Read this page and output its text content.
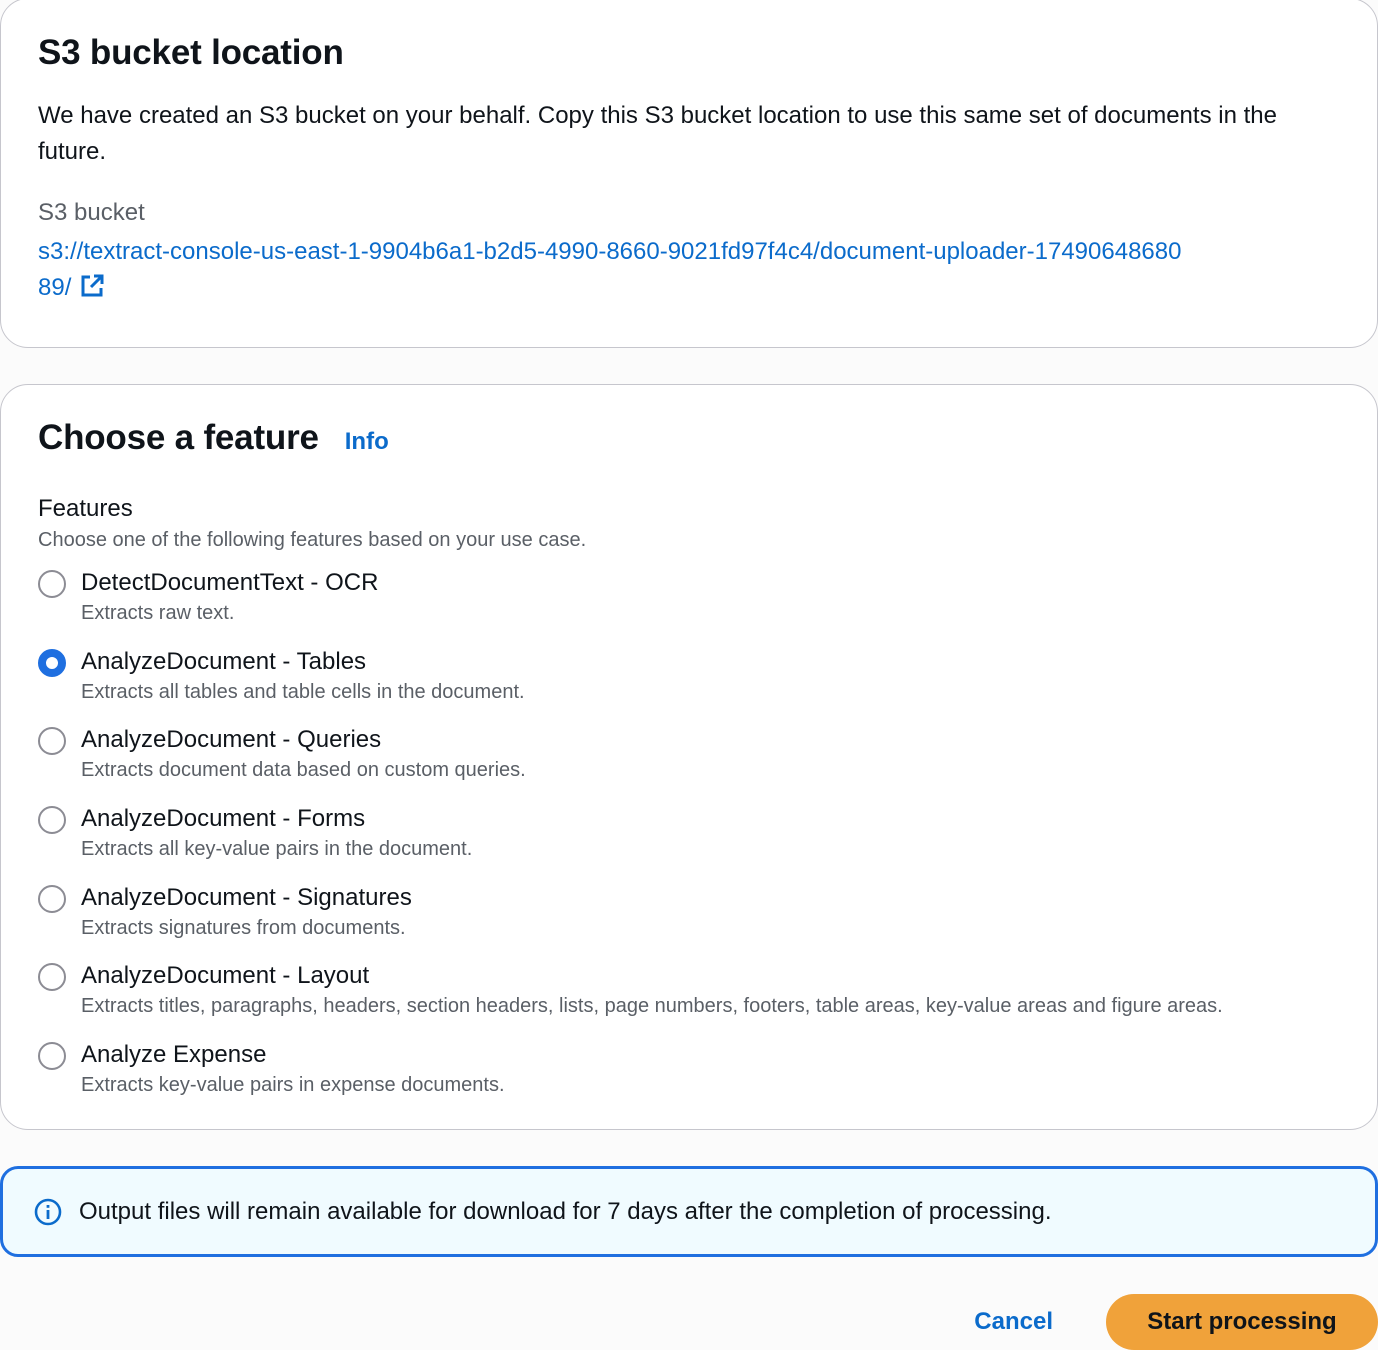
S3 bucket location

We have created an S3 bucket on your behalf. Copy this S3 bucket location to use this same set of documents in the future.

S3 bucket
s3://textract-console-us-east-1-9904b6a1-b2d5-4990-8660-9021fd97f4c4/document-uploader-1749064868089/
Choose a feature Info
Features
Choose one of the following features based on your use case.
DetectDocumentText - OCR
Extracts raw text.
AnalyzeDocument - Tables
Extracts all tables and table cells in the document.
AnalyzeDocument - Queries
Extracts document data based on custom queries.
AnalyzeDocument - Forms
Extracts all key-value pairs in the document.
AnalyzeDocument - Signatures
Extracts signatures from documents.
AnalyzeDocument - Layout
Extracts titles, paragraphs, headers, section headers, lists, page numbers, footers, table areas, key-value areas and figure areas.
Analyze Expense
Extracts key-value pairs in expense documents.
Output files will remain available for download for 7 days after the completion of processing.
Cancel	Start processing
